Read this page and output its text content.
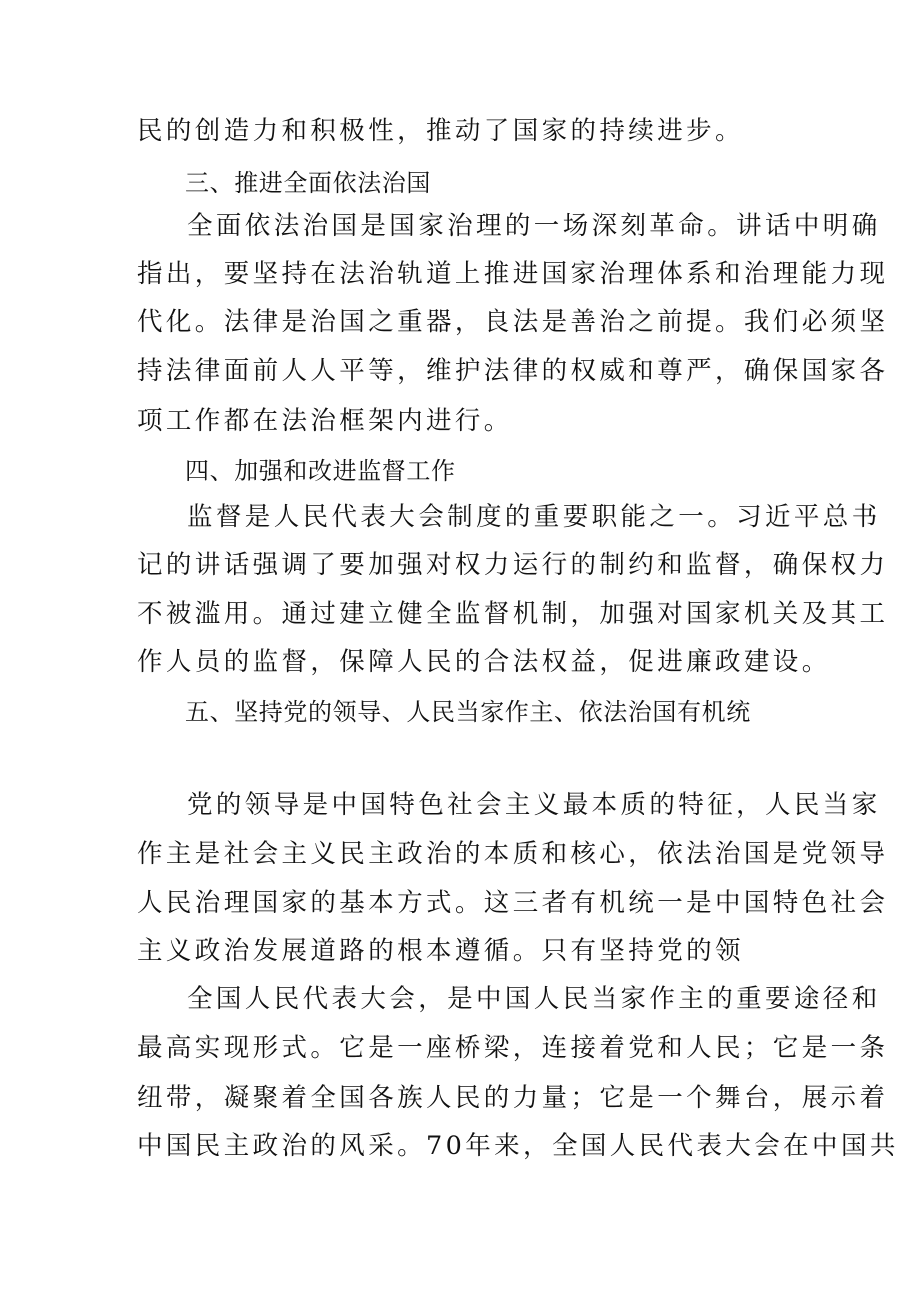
民的创造力和积极性，推动了国家的持续进步。
三、推进全面依法治国
全面依法治国是国家治理的一场深刻革命。讲话中明确
指出，要坚持在法治轨道上推进国家治理体系和治理能力现
代化。法律是治国之重器，良法是善治之前提。我们必须坚
持法律面前人人平等，维护法律的权威和尊严，确保国家各
项工作都在法治框架内进行。
四、加强和改进监督工作
监督是人民代表大会制度的重要职能之一。习近平总书
记的讲话强调了要加强对权力运行的制约和监督，确保权力
不被滥用。通过建立健全监督机制，加强对国家机关及其工
作人员的监督，保障人民的合法权益，促进廉政建设。
五、坚持党的领导、人民当家作主、依法治国有机统
党的领导是中国特色社会主义最本质的特征，人民当家
作主是社会主义民主政治的本质和核心，依法治国是党领导
人民治理国家的基本方式。这三者有机统一是中国特色社会
主义政治发展道路的根本遵循。只有坚持党的领
全国人民代表大会，是中国人民当家作主的重要途径和
最高实现形式。它是一座桥梁，连接着党和人民；它是一条
纽带，凝聚着全国各族人民的力量；它是一个舞台，展示着
中国民主政治的风采。70年来，全国人民代表大会在中国共
